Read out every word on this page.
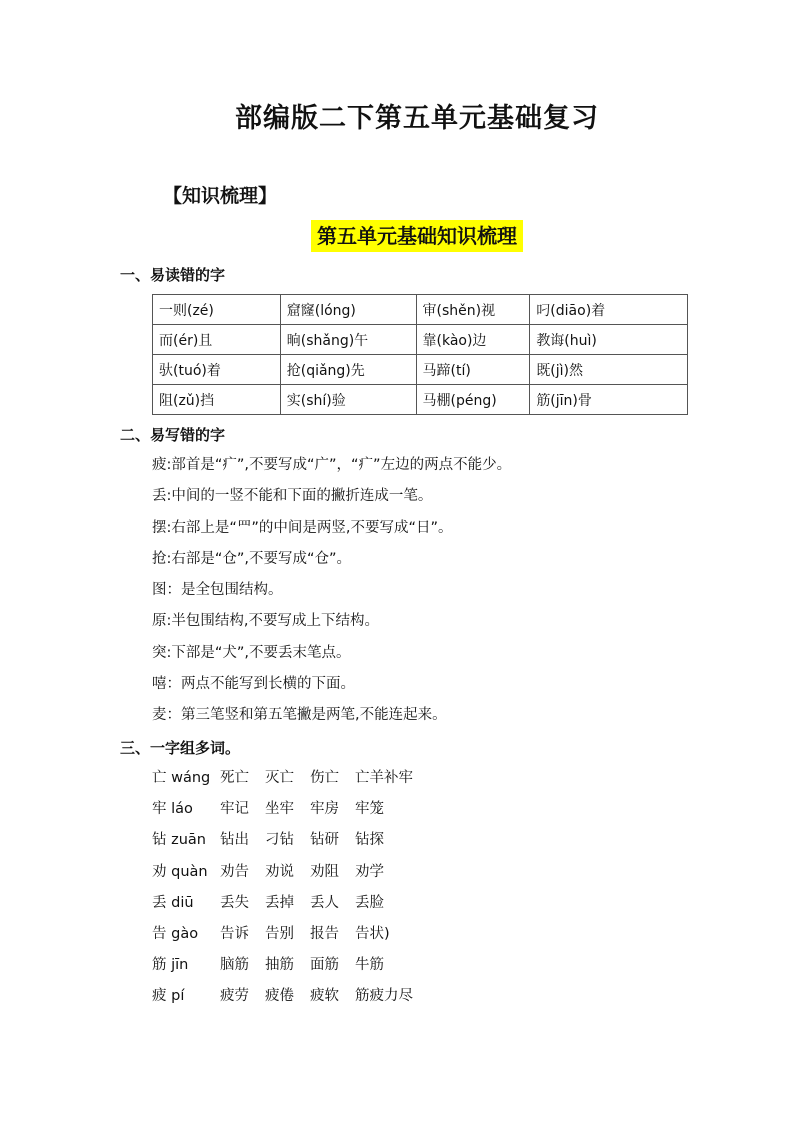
部编版二下第五单元基础复习
【知识梳理】
第五单元基础知识梳理
一、易读错的字
一则(zé)	窟窿(lóng)	审(shěn)视	叼(diāo)着
而(ér)且	晌(shǎng)午	靠(kào)边	教诲(huì)
驮(tuó)着	抢(qiǎng)先	马蹄(tí)	既(jì)然
阻(zǔ)挡	实(shí)验	马棚(péng)	筋(jīn)骨
二、易写错的字
疲:部首是“疒”,不要写成“广”，“疒”左边的两点不能少。
丢:中间的一竖不能和下面的撇折连成一笔。
摆:右部上是“罒”的中间是两竖,不要写成“日”。
抢:右部是“仓”,不要写成“仓”。
图：是全包围结构。
原:半包围结构,不要写成上下结构。
突:下部是“犬”,不要丢末笔点。
嘻：两点不能写到长横的下面。
麦：第三笔竖和第五笔撇是两笔,不能连起来。
三、一字组多词。
亡 wáng 死亡 灭亡 伤亡 亡羊补牢
牢 láo	牢记 坐牢 牢房 牢笼
钻 zuān 钻出 刁钻 钻研 钻探
劝 quàn 劝告 劝说 劝阻 劝学
丢 diū	丢失 丢掉 丢人 丢脸
告 gào	告诉 告别 报告 告状)
筋 jīn	脑筋 抽筋 面筋 牛筋
疲 pí	疲劳 疲倦 疲软 筋疲力尽
